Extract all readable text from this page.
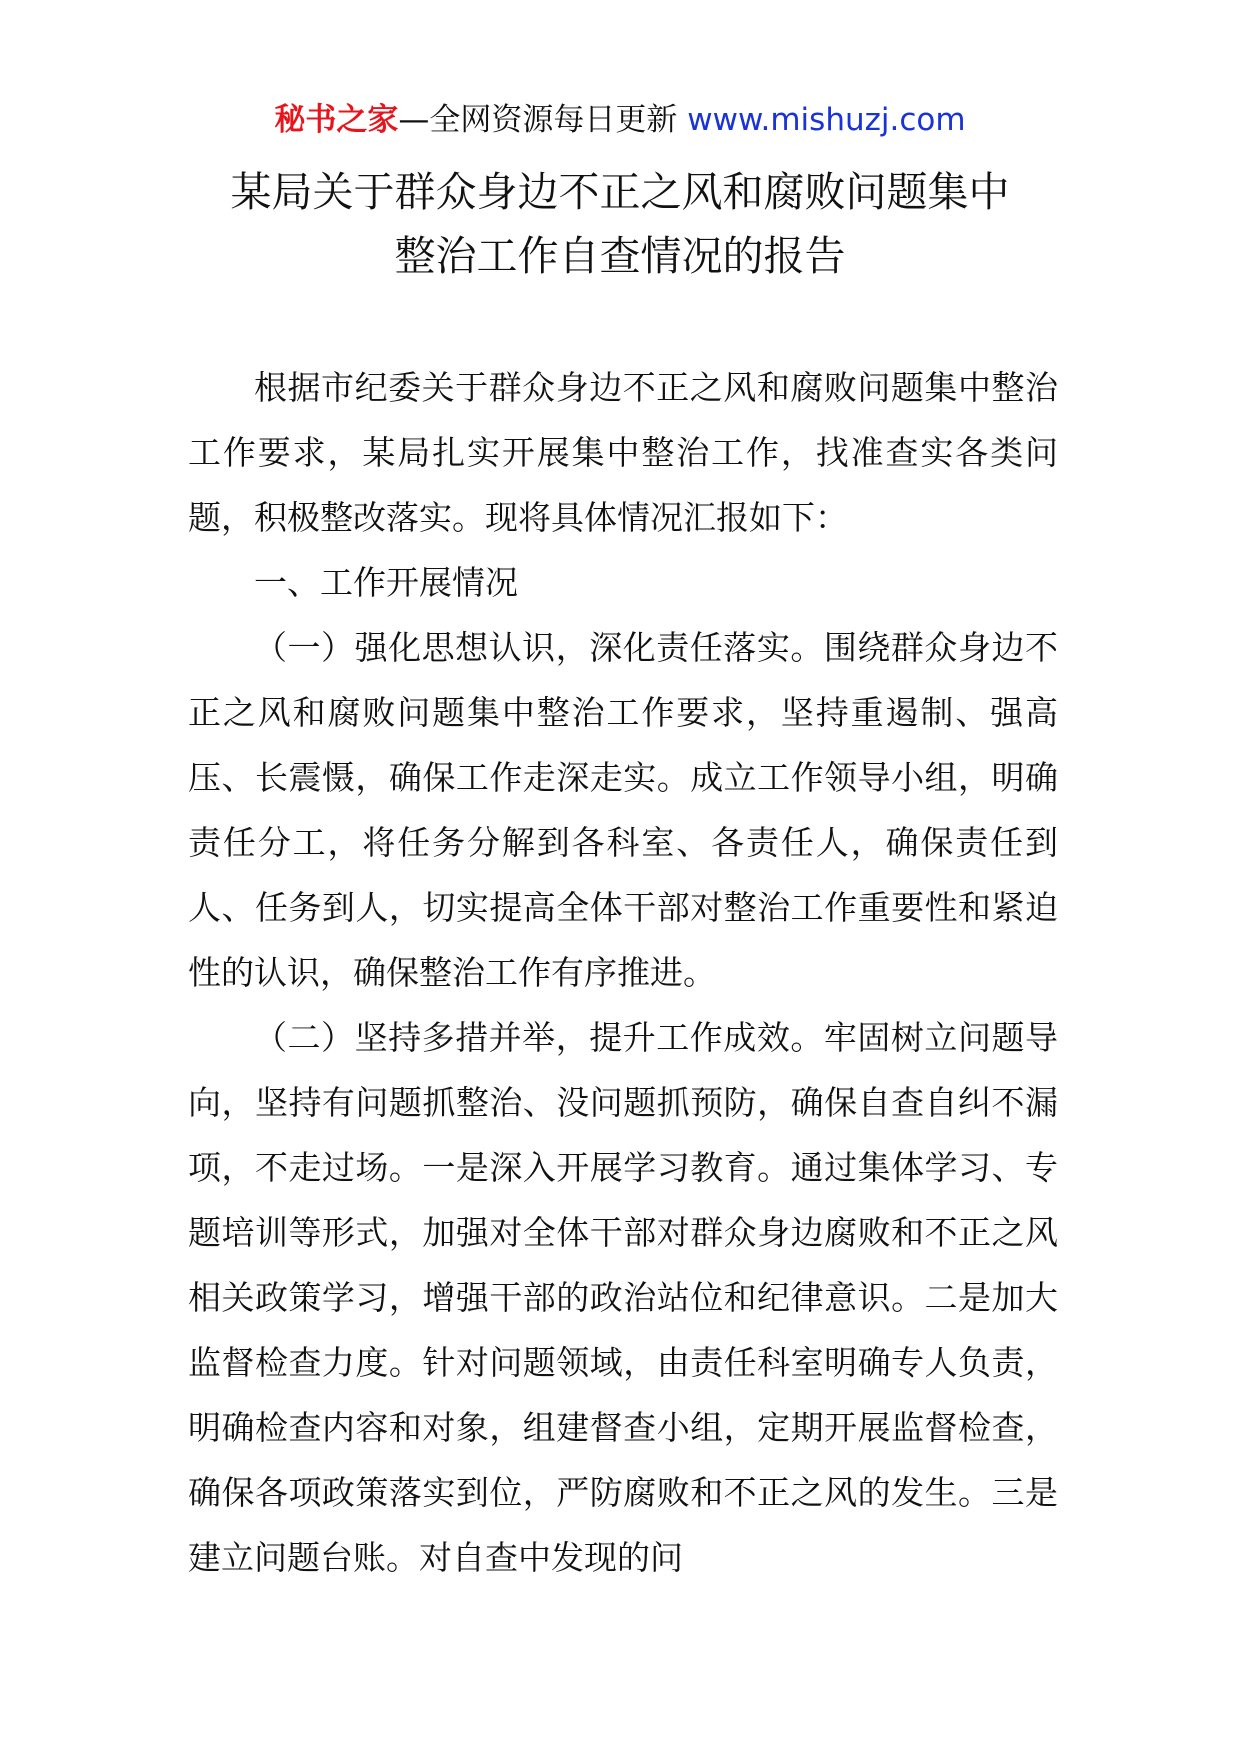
秘书之家—全网资源每日更新 www.mishuzj.com
某局关于群众身边不正之风和腐败问题集中
整治工作自查情况的报告

根据市纪委关于群众身边不正之风和腐败问题集中整治工作要求，某局扎实开展集中整治工作，找准查实各类问题，积极整改落实。现将具体情况汇报如下：

一、工作开展情况

（一）强化思想认识，深化责任落实。围绕群众身边不正之风和腐败问题集中整治工作要求，坚持重遏制、强高压、长震慑，确保工作走深走实。成立工作领导小组，明确责任分工，将任务分解到各科室、各责任人，确保责任到人、任务到人，切实提高全体干部对整治工作重要性和紧迫性的认识，确保整治工作有序推进。

（二）坚持多措并举，提升工作成效。牢固树立问题导向，坚持有问题抓整治、没问题抓预防，确保自查自纠不漏项，不走过场。一是深入开展学习教育。通过集体学习、专题培训等形式，加强对全体干部对群众身边腐败和不正之风相关政策学习，增强干部的政治站位和纪律意识。二是加大监督检查力度。针对问题领域，由责任科室明确专人负责，明确检查内容和对象，组建督查小组，定期开展监督检查，确保各项政策落实到位，严防腐败和不正之风的发生。三是建立问题台账。对自查中发现的问
